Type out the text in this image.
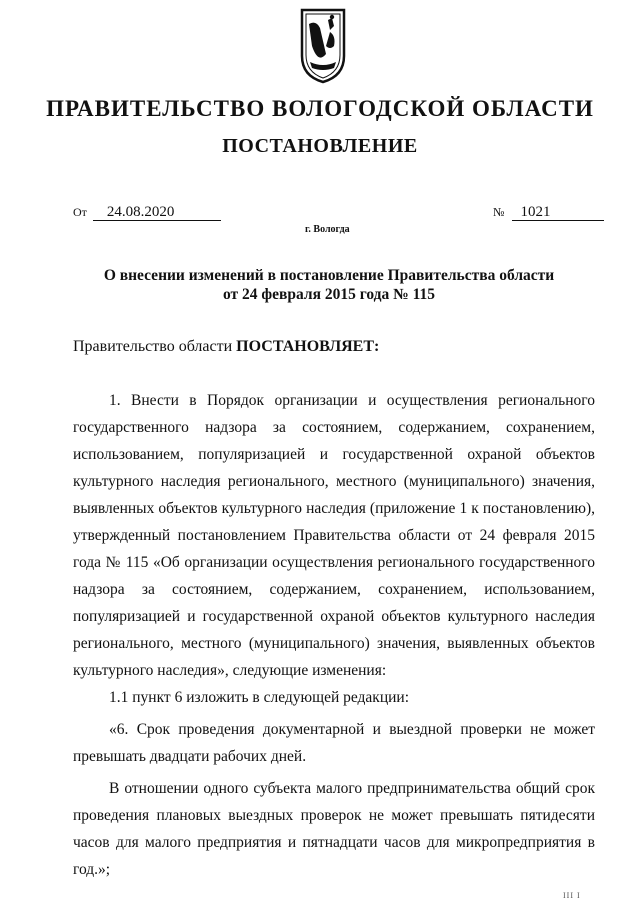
ПРАВИТЕЛЬСТВО ВОЛОГОДСКОЙ ОБЛАСТИ
ПОСТАНОВЛЕНИЕ
От 24.08.2020	№ 1021
г. Вологда
О внесении изменений в постановление Правительства области
от 24 февраля 2015 года № 115
Правительство области ПОСТАНОВЛЯЕТ:

1. Внести в Порядок организации и осуществления регионального государственного надзора за состоянием, содержанием, сохранением, использованием, популяризацией и государственной охраной объектов культурного наследия регионального, местного (муниципального) значения, выявленных объектов культурного наследия (приложение 1 к постановлению), утвержденный постановлением Правительства области от 24 февраля 2015 года № 115 «Об организации осуществления регионального государственного надзора за состоянием, содержанием, сохранением, использованием, популяризацией и государственной охраной объектов культурного наследия регионального, местного (муниципального) значения, выявленных объектов культурного наследия», следующие изменения:

1.1 пункт 6 изложить в следующей редакции:

«6. Срок проведения документарной и выездной проверки не может превышать двадцати рабочих дней.

В отношении одного субъекта малого предпринимательства общий срок проведения плановых выездных проверок не может превышать пятидесяти часов для малого предприятия и пятнадцати часов для микропредприятия в год.»;

III I
